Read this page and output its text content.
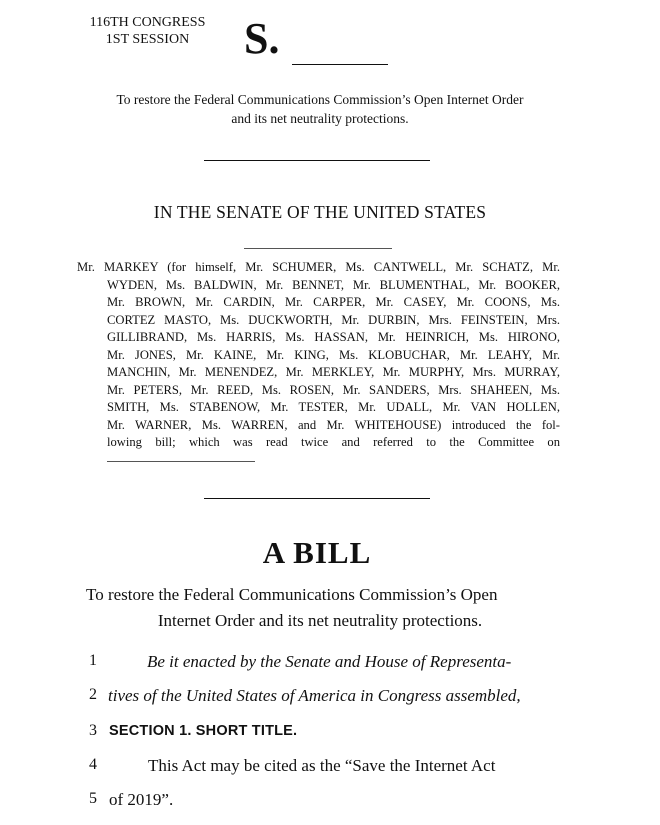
116TH CONGRESS
1ST SESSION	S.
To restore the Federal Communications Commission’s Open Internet Order
and its net neutrality protections.
IN THE SENATE OF THE UNITED STATES
Mr. MARKEY (for himself, Mr. SCHUMER, Ms. CANTWELL, Mr. SCHATZ, Mr.
WYDEN, Ms. BALDWIN, Mr. BENNET, Mr. BLUMENTHAL, Mr. BOOKER,
Mr. BROWN, Mr. CARDIN, Mr. CARPER, Mr. CASEY, Mr. COONS, Ms.
CORTEZ MASTO, Ms. DUCKWORTH, Mr. DURBIN, Mrs. FEINSTEIN, Mrs.
GILLIBRAND, Ms. HARRIS, Ms. HASSAN, Mr. HEINRICH, Ms. HIRONO,
Mr. JONES, Mr. KAINE, Mr. KING, Ms. KLOBUCHAR, Mr. LEAHY, Mr.
MANCHIN, Mr. MENENDEZ, Mr. MERKLEY, Mr. MURPHY, Mrs. MURRAY,
Mr. PETERS, Mr. REED, Ms. ROSEN, Mr. SANDERS, Mrs. SHAHEEN, Ms.
SMITH, Ms. STABENOW, Mr. TESTER, Mr. UDALL, Mr. VAN HOLLEN,
Mr. WARNER, Ms. WARREN, and Mr. WHITEHOUSE) introduced the fol-
lowing bill; which was read twice and referred to the Committee on
A BILL
To restore the Federal Communications Commission’s Open
Internet Order and its net neutrality protections.
1	Be it enacted by the Senate and House of Representa-
2 tives of the United States of America in Congress assembled,
3 SECTION 1. SHORT TITLE.
4	This Act may be cited as the “Save the Internet Act
5 of 2019”.
